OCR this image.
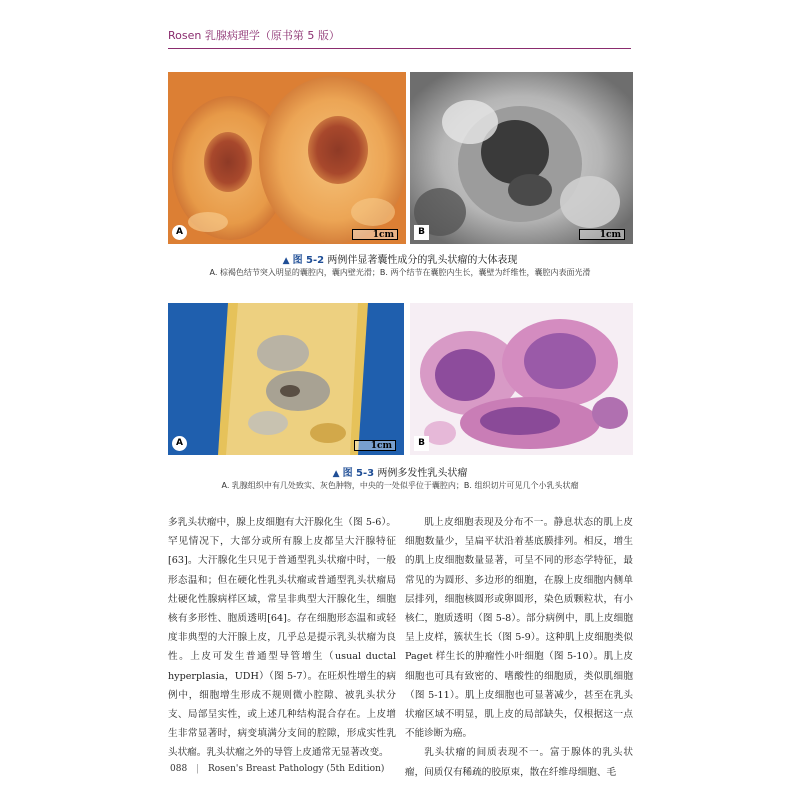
Rosen 乳腺病理学（原书第 5 版）
A	1cm	B	1cm
▲ 图 5-2 两例伴显著囊性成分的乳头状瘤的大体表现
A. 棕褐色结节突入明显的囊腔内，囊内壁光滑；B. 两个结节在囊腔内生长，囊壁为纤维性，囊腔内表面光滑
A	1cm	B
▲ 图 5-3 两例多发性乳头状瘤
A. 乳腺组织中有几处致实、灰色肿物，中央的一处似乎位于囊腔内；B. 组织切片可见几个小乳头状瘤

多乳头状瘤中，腺上皮细胞有大汗腺化生（图 5-6）。罕见情况下，大部分或所有腺上皮都呈大汗腺特征[63]。大汗腺化生只见于普通型乳头状瘤中时，一般形态温和；但在硬化性乳头状瘤或普通型乳头状瘤局灶硬化性腺病样区域，常呈非典型大汗腺化生，细胞核有多形性、胞质透明[64]。存在细胞形态温和或轻度非典型的大汗腺上皮，几乎总是提示乳头状瘤为良性。上皮可发生普通型导管增生（usual ductal hyperplasia，UDH）（图 5-7）。在旺炽性增生的病例中，细胞增生形成不规则微小腔隙、被乳头状分支、局部呈实性，或上述几种结构混合存在。上皮增生非常显著时，病变填满分支间的腔隙，形成实性乳头状瘤。乳头状瘤之外的导管上皮通常无显著改变。

肌上皮细胞表现及分布不一。静息状态的肌上皮细胞数量少，呈扁平状沿着基底膜排列。相反，增生的肌上皮细胞数量显著，可呈不同的形态学特征，最常见的为圆形、多边形的细胞，在腺上皮细胞内侧单层排列，细胞核圆形或卵圆形，染色质颗粒状，有小核仁，胞质透明（图 5-8）。部分病例中，肌上皮细胞呈上皮样，簇状生长（图 5-9）。这种肌上皮细胞类似 Paget 样生长的肿瘤性小叶细胞（图 5-10）。肌上皮细胞也可具有致密的、嗜酸性的细胞质，类似肌细胞（图 5-11）。肌上皮细胞也可显著减少，甚至在乳头状瘤区域不明显，肌上皮的局部缺失，仅根据这一点不能诊断为癌。

乳头状瘤的间质表现不一。富于腺体的乳头状瘤，间质仅有稀疏的胶原束，散在纤维母细胞、毛

088 | Rosen's Breast Pathology (5th Edition)
